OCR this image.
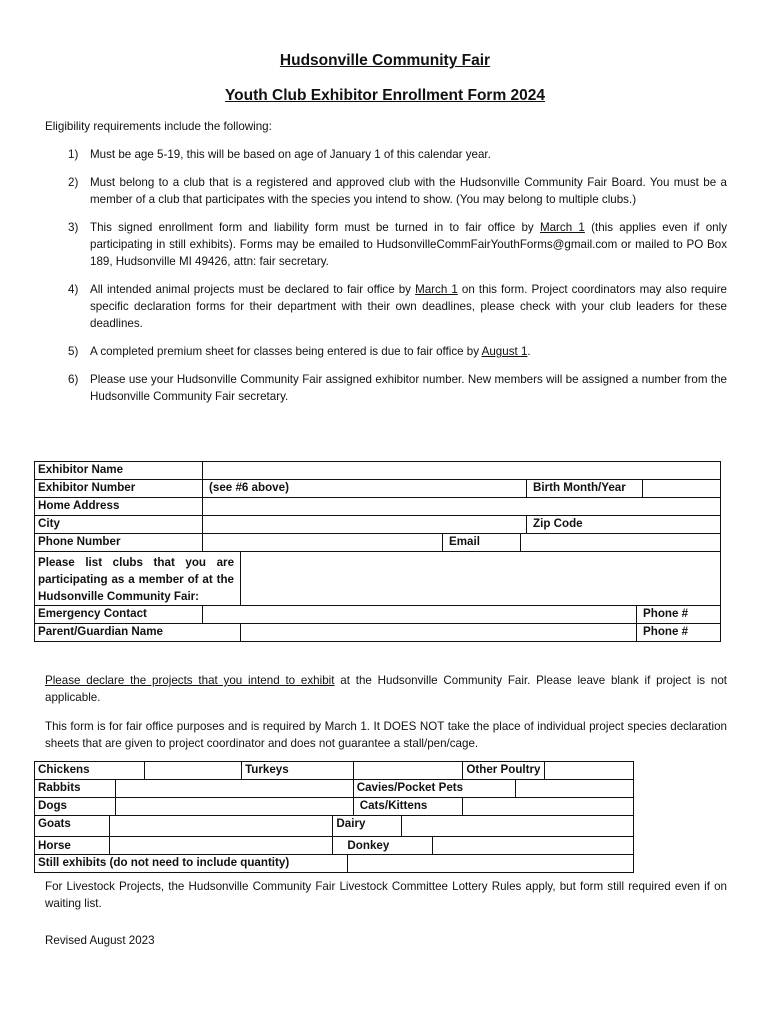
Hudsonville Community Fair
Youth Club Exhibitor Enrollment Form 2024
Eligibility requirements include the following:
1) Must be age 5-19, this will be based on age of January 1 of this calendar year.
2) Must belong to a club that is a registered and approved club with the Hudsonville Community Fair Board. You must be a member of a club that participates with the species you intend to show. (You may belong to multiple clubs.)
3) This signed enrollment form and liability form must be turned in to fair office by March 1 (this applies even if only participating in still exhibits). Forms may be emailed to HudsonvilleCommFairYouthForms@gmail.com or mailed to PO Box 189, Hudsonville MI 49426, attn: fair secretary.
4) All intended animal projects must be declared to fair office by March 1 on this form. Project coordinators may also require specific declaration forms for their department with their own deadlines, please check with your club leaders for these deadlines.
5) A completed premium sheet for classes being entered is due to fair office by August 1.
6) Please use your Hudsonville Community Fair assigned exhibitor number. New members will be assigned a number from the Hudsonville Community Fair secretary.
Exhibitor Name							
Exhibitor Number	(see #6 above)				Birth Month/Year		
Home Address							
City					Zip Code		
Phone Number			Email				
Please list clubs that you are participating as a member of at the Hudsonville Community Fair:							
Emergency Contact						Phone #	
Parent/Guardian Name						Phone #	
Please declare the projects that you intend to exhibit at the Hudsonville Community Fair. Please leave blank if project is not applicable.
This form is for fair office purposes and is required by March 1. It DOES NOT take the place of individual project species declaration sheets that are given to project coordinator and does not guarantee a stall/pen/cage.
Chickens				Turkeys						Other Poultry		
Rabbits							Cavies/Pocket Pets					
Dogs							Cats/Kittens					
Goats					Dairy							
Horse					Donkey							
Still exhibits (do not need to include quantity)												
For Livestock Projects, the Hudsonville Community Fair Livestock Committee Lottery Rules apply, but form still required even if on waiting list.
Revised August 2023
